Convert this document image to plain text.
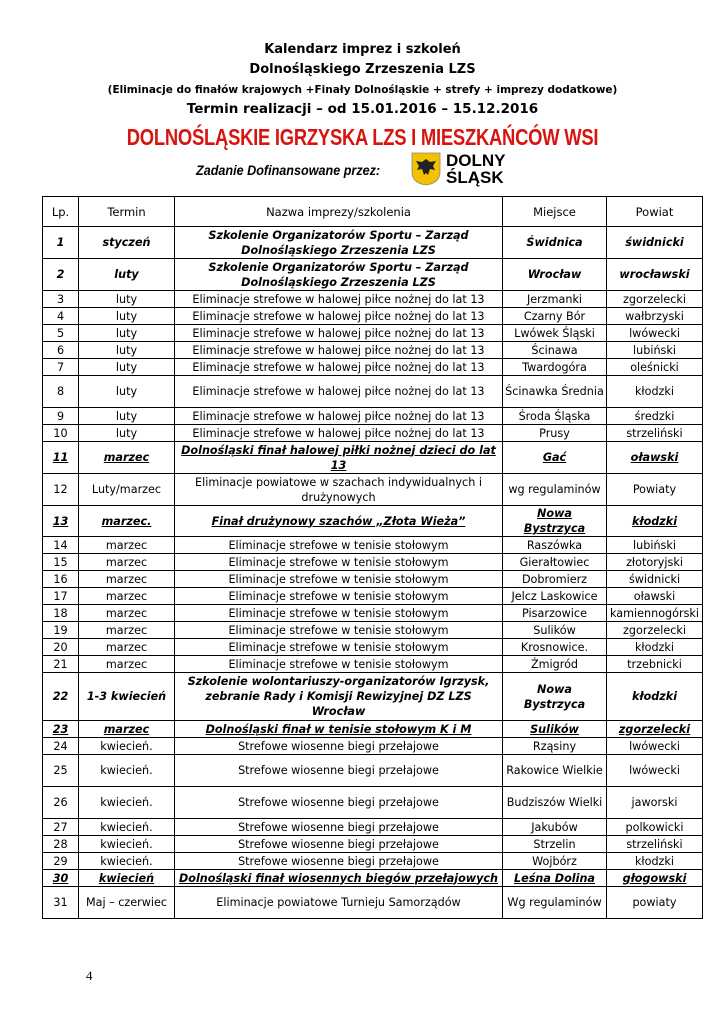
Kalendarz imprez i szkoleń
Dolnośląskiego Zrzeszenia LZS
(Eliminacje do finałów krajowych +Finały Dolnośląskie + strefy + imprezy dodatkowe)
Termin realizacji – od 15.01.2016 – 15.12.2016
DOLNOŚLĄSKIE IGRZYSKA LZS I MIESZKAŃCÓW WSI
Zadanie Dofinansowane przez:	DOLNY
ŚLĄSK
Lp.	Termin	Nazwa imprezy/szkolenia	Miejsce	Powiat
1	styczeń	Szkolenie Organizatorów Sportu – Zarząd Dolnośląskiego Zrzeszenia LZS	Świdnica	świdnicki
2	luty	Szkolenie Organizatorów Sportu – Zarząd Dolnośląskiego Zrzeszenia LZS	Wrocław	wrocławski
3	luty	Eliminacje strefowe w halowej piłce nożnej do lat 13	Jerzmanki	zgorzelecki
4	luty	Eliminacje strefowe w halowej piłce nożnej do lat 13	Czarny Bór	wałbrzyski
5	luty	Eliminacje strefowe w halowej piłce nożnej do lat 13	Lwówek Śląski	lwówecki
6	luty	Eliminacje strefowe w halowej piłce nożnej do lat 13	Ścinawa	lubiński
7	luty	Eliminacje strefowe w halowej piłce nożnej do lat 13	Twardogóra	oleśnicki
8	luty	Eliminacje strefowe w halowej piłce nożnej do lat 13	Ścinawka Średnia	kłodzki
9	luty	Eliminacje strefowe w halowej piłce nożnej do lat 13	Środa Śląska	średzki
10	luty	Eliminacje strefowe w halowej piłce nożnej do lat 13	Prusy	strzeliński
11	marzec	Dolnośląski finał halowej piłki nożnej dzieci do lat 13	Gać	oławski
12	Luty/marzec	Eliminacje powiatowe w szachach indywidualnych i drużynowych	wg regulaminów	Powiaty
13	marzec.	Finał drużynowy szachów „Złota Wieża”	Nowa Bystrzyca	kłodzki
14	marzec	Eliminacje strefowe w tenisie stołowym	Raszówka	lubiński
15	marzec	Eliminacje strefowe w tenisie stołowym	Gierałtowiec	złotoryjski
16	marzec	Eliminacje strefowe w tenisie stołowym	Dobromierz	świdnicki
17	marzec	Eliminacje strefowe w tenisie stołowym	Jelcz Laskowice	oławski
18	marzec	Eliminacje strefowe w tenisie stołowym	Pisarzowice	kamiennogórski
19	marzec	Eliminacje strefowe w tenisie stołowym	Sulików	zgorzelecki
20	marzec	Eliminacje strefowe w tenisie stołowym	Krosnowice.	kłodzki
21	marzec	Eliminacje strefowe w tenisie stołowym	Żmigród	trzebnicki
22	1-3 kwiecień	Szkolenie wolontariuszy-organizatorów Igrzysk, zebranie Rady i Komisji Rewizyjnej DZ LZS Wrocław	Nowa Bystrzyca	kłodzki
23	marzec	Dolnośląski finał w tenisie stołowym K i M	Sulików	zgorzelecki
24	kwiecień.	Strefowe wiosenne biegi przełajowe	Rząsiny	lwówecki
25	kwiecień.	Strefowe wiosenne biegi przełajowe	Rakowice Wielkie	lwówecki
26	kwiecień.	Strefowe wiosenne biegi przełajowe	Budziszów Wielki	jaworski
27	kwiecień.	Strefowe wiosenne biegi przełajowe	Jakubów	polkowicki
28	kwiecień.	Strefowe wiosenne biegi przełajowe	Strzelin	strzeliński
29	kwiecień.	Strefowe wiosenne biegi przełajowe	Wojbórz	kłodzki
30	kwiecień	Dolnośląski finał wiosennych biegów przełajowych	Leśna Dolina	głogowski
31	Maj – czerwiec	Eliminacje powiatowe Turnieju Samorządów	Wg regulaminów	powiaty
4
